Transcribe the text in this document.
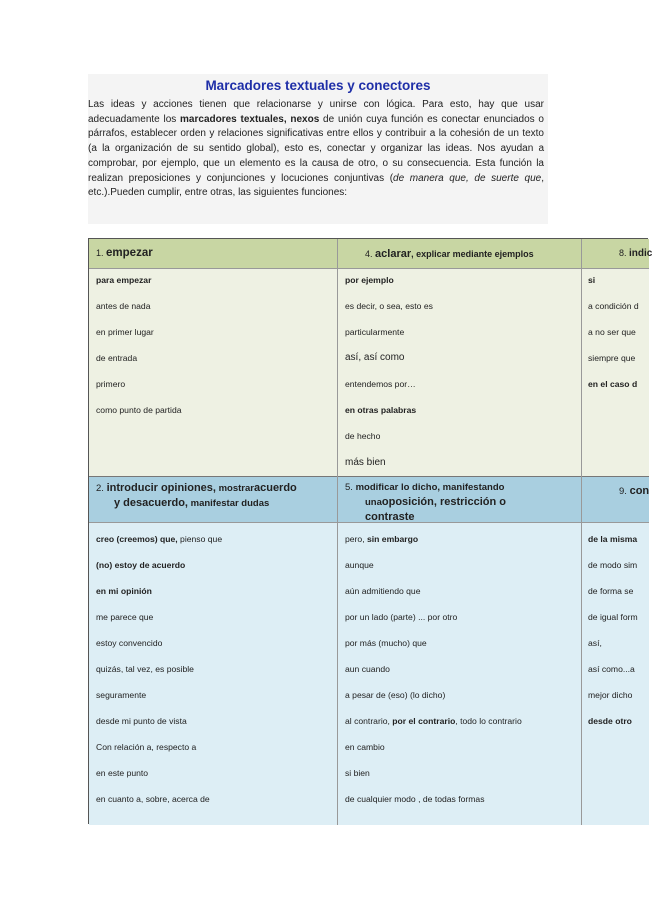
Marcadores textuales y conectores
Las ideas y acciones tienen que relacionarse y unirse con lógica. Para esto, hay que usar adecuadamente los marcadores textuales, nexos de unión cuya función es conectar enunciados o párrafos, establecer orden y relaciones significativas entre ellos y contribuir a la cohesión de un texto (a la organización de su sentido global), esto es, conectar y organizar las ideas. Nos ayudan a comprobar, por ejemplo, que un elemento es la causa de otro, o su consecuencia. Esta función la realizan preposiciones y conjunciones y locuciones conjuntivas (de manera que, de suerte que, etc.).Pueden cumplir, entre otras, las siguientes funciones:
1. empezar	4. aclarar, explicar mediante ejemplos	8. indic
para empezar
antes de nada
en primer lugar
de entrada
primero
como punto de partida
por ejemplo
es decir, o sea, esto es
particularmente
así, así como
entendemos por…
en otras palabras
de hecho
más bien
si
a condición d
a no ser que
siempre que
en el caso d
2. introducir opiniones, mostraracuerdo
y desacuerdo, manifestar dudas
5. modificar lo dicho, manifestando
unaoposición, restricción o
contraste
9. con
creo (creemos) que, pienso que
(no) estoy de acuerdo
en mi opinión
me parece que
estoy convencido
quizás, tal vez, es posible
seguramente
desde mi punto de vista
Con relación a, respecto a
en este punto
en cuanto a, sobre, acerca de
pero, sin embargo
aunque
aún admitiendo que
por un lado (parte) ... por otro
por más (mucho) que
aun cuando
a pesar de (eso) (lo dicho)
al contrario, por el contrario, todo lo contrario
en cambio
si bien
de cualquier modo , de todas formas
de la misma
de modo sim
de forma se
de igual form
así,
así como...a
mejor dicho
desde otro
